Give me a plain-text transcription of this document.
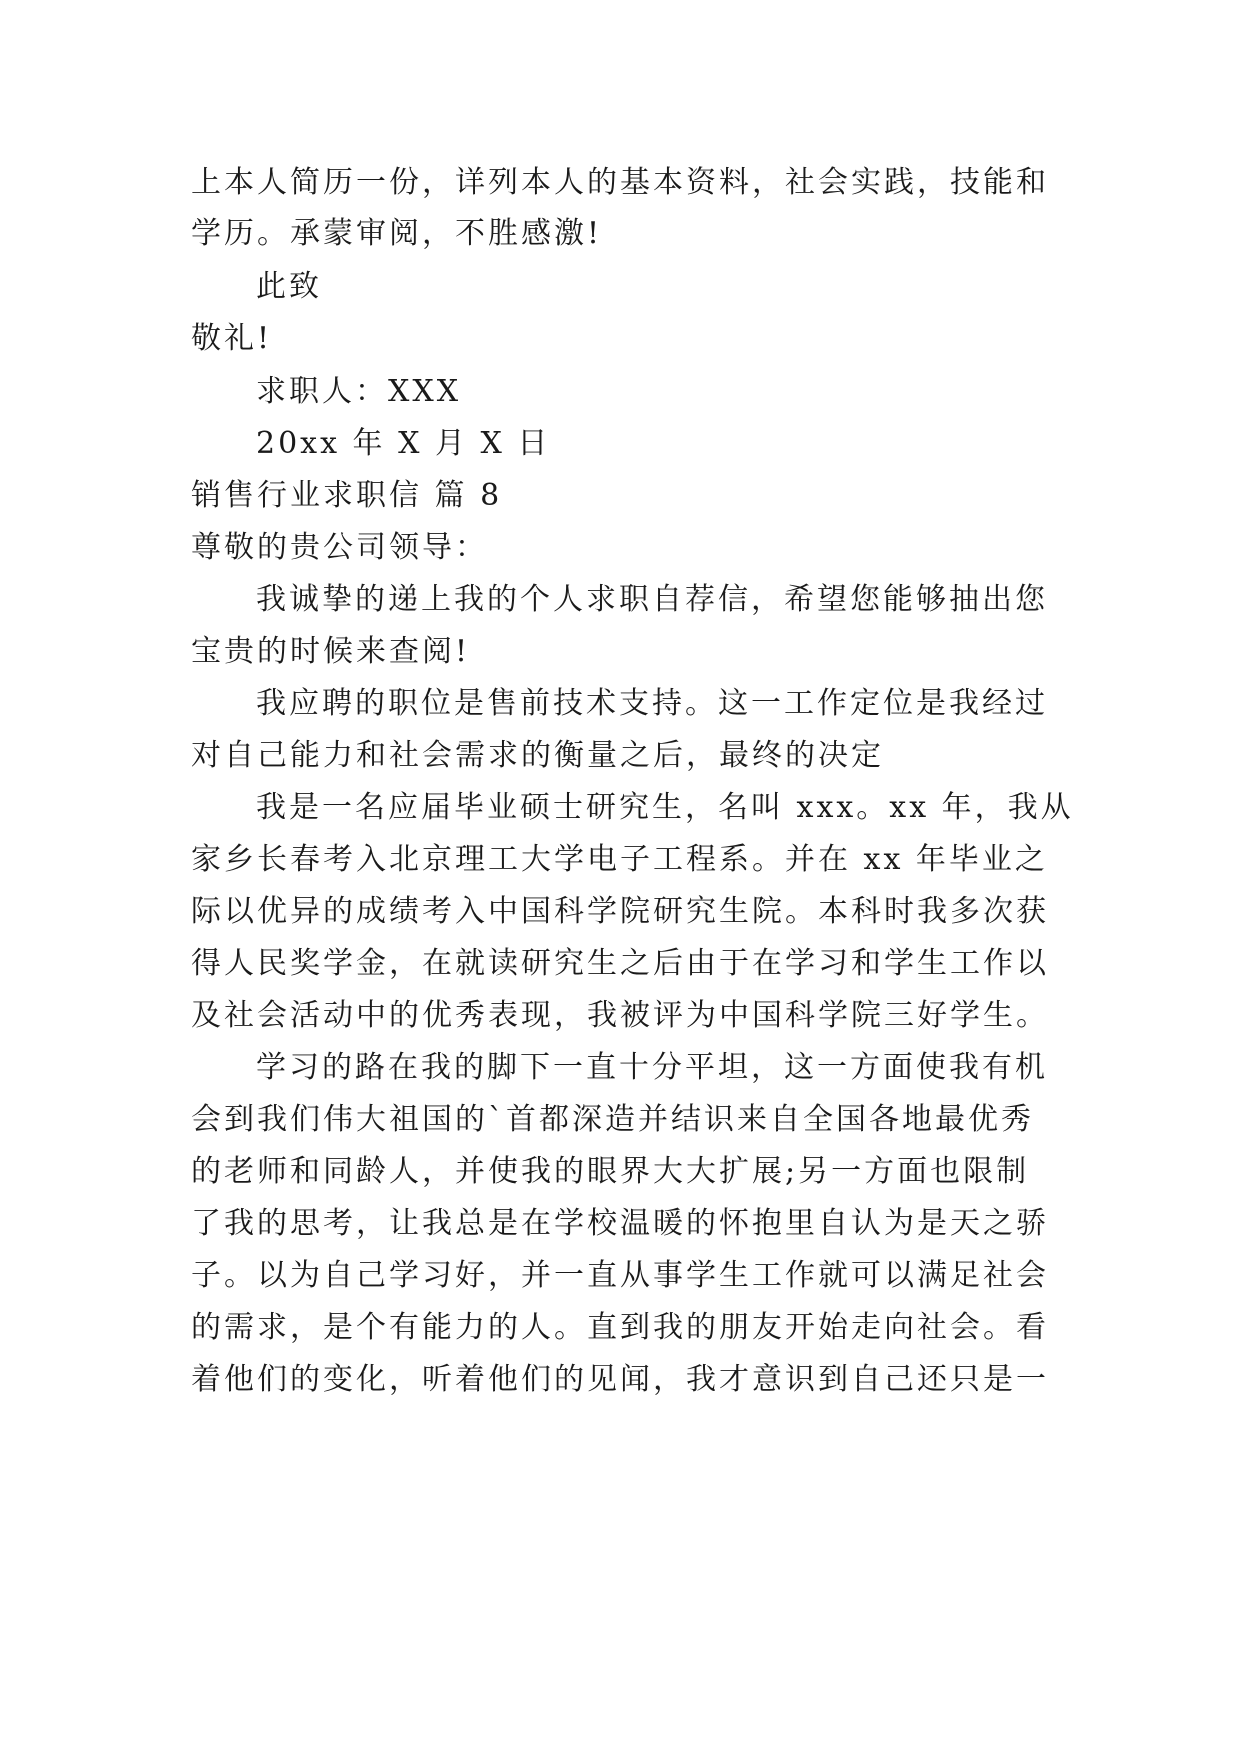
上本人简历一份，详列本人的基本资料，社会实践，技能和
学历。承蒙审阅，不胜感激!
此致
敬礼!
求职人：XXX
20xx 年 X 月 X 日
销售行业求职信 篇 8
尊敬的贵公司领导：
我诚挚的递上我的个人求职自荐信，希望您能够抽出您
宝贵的时候来查阅!
我应聘的职位是售前技术支持。这一工作定位是我经过
对自己能力和社会需求的衡量之后，最终的决定
我是一名应届毕业硕士研究生，名叫 xxx。xx 年，我从
家乡长春考入北京理工大学电子工程系。并在 xx 年毕业之
际以优异的成绩考入中国科学院研究生院。本科时我多次获
得人民奖学金，在就读研究生之后由于在学习和学生工作以
及社会活动中的优秀表现，我被评为中国科学院三好学生。
学习的路在我的脚下一直十分平坦，这一方面使我有机
会到我们伟大祖国的`首都深造并结识来自全国各地最优秀
的老师和同龄人，并使我的眼界大大扩展;另一方面也限制
了我的思考，让我总是在学校温暖的怀抱里自认为是天之骄
子。以为自己学习好，并一直从事学生工作就可以满足社会
的需求，是个有能力的人。直到我的朋友开始走向社会。看
着他们的变化，听着他们的见闻，我才意识到自己还只是一
